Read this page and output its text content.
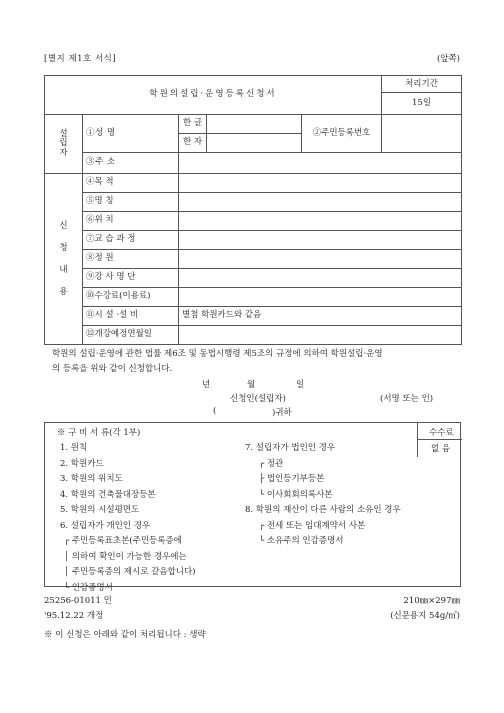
[별지 제1호 서식]	(앞쪽)
학원의설립·운영등록신청서					처리기간
					15일
설
립
자	①성 명	한 글		②주민등록번호	
		한 자			
	③주 소				
신
청
내
용	④목 적				
	⑤명 칭				
	⑥위 치				
	⑦교 습 과 정				
	⑧정 원				
	⑨강 사 명 단				
	⑩수강료(이용료)				
	⑪시 설 ·설 비	별첨 학원카드와 같음			
	⑫개강예정연월일				
학원의 설립·운영에 관한 법률 제6조 및 동법시행령 제5조의 규정에 의하여 학원설립·운영
의 등록을 위와 같이 신청합니다.
년	월	일
신청인(설립자)	(서명 또는 인)
(	)귀하
※ 구 비 서 류(각 1부)	수수료
없 음
1. 원칙
2. 학원카드
3. 학원의 위치도
4. 학원의 건축물대장등본
5. 학원의 시설평면도
6. 설립자가 개인인 경우
┌ 주민등록표초본(주민등록증에
│ 의하여 확인이 가능한 경우에는
│ 주민등록증의 제시로 갈음합니다)
└ 인감증명서
7. 설립자가 법인인 경우
┌ 정관
├ 법인등기부등본
└ 이사회회의록사본
8. 학원의 재산이 다른 사람의 소유인 경우
┌ 전세 또는 임대계약서 사본
└ 소유주의 인감증명서
25256-01011 민
'95.12.22 개정
210㎜×297㎜
(신문용지 54g/㎡)
※ 이 신청은 아래와 같이 처리됩니다 : 생략
